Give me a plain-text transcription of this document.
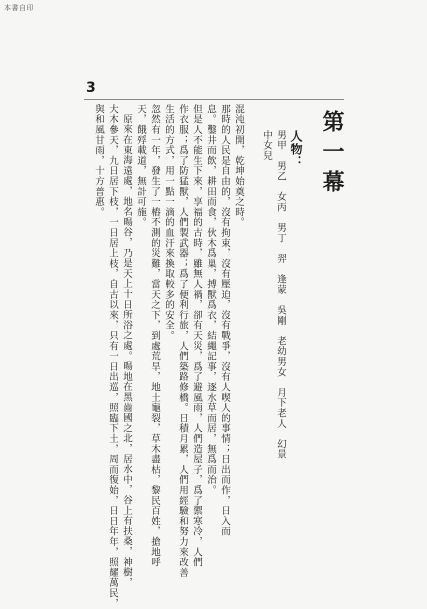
本書自印
3
第一幕
人物：
男甲　男乙　女丙　男丁　羿　逢蒙　吳剛　老幼男女　月下老人　幻景
中女兒
混沌初開，乾坤始奠之時。
那時的人民是自由的，沒有拘束，沒有壓迫，沒有戰爭，沒有人喫人的事情；日出而作，日入而
息。鑿井而飲，耕田而食，伙木爲巢，搏獸爲衣，結繩記事，逐水草而居，無爲而治。
但是人不能生下來，享福的古時，雖無人禍，卻有天災，爲了避風雨，人們造屋子，爲了禦寒冷，人們
作衣服；爲了防猛獸，人們製武器；爲了便利行旅，人們築路修橋。日積月累，人們用經驗和努力來改善
生活的方式，用一點一滴的血汗來換取較多的安全。
忽然有一年，發生了一樁不測的災難，當天之下，到處荒旱，地土龜裂，草木盡枯，黎民百姓，搶地呼
天，餓殍載道，無計可施。
原來在東海遠處，地名暘谷，乃是天上十日所浴之處。暘地在黑齒國之北，居水中，谷上有扶桑，神樹，
大木參天，九日居下枝，一日居上枝，自古以來，只有一日出巡，照臨下土，周而復始，日日年年，照耀萬民，
與和風甘雨，十方普惠。
